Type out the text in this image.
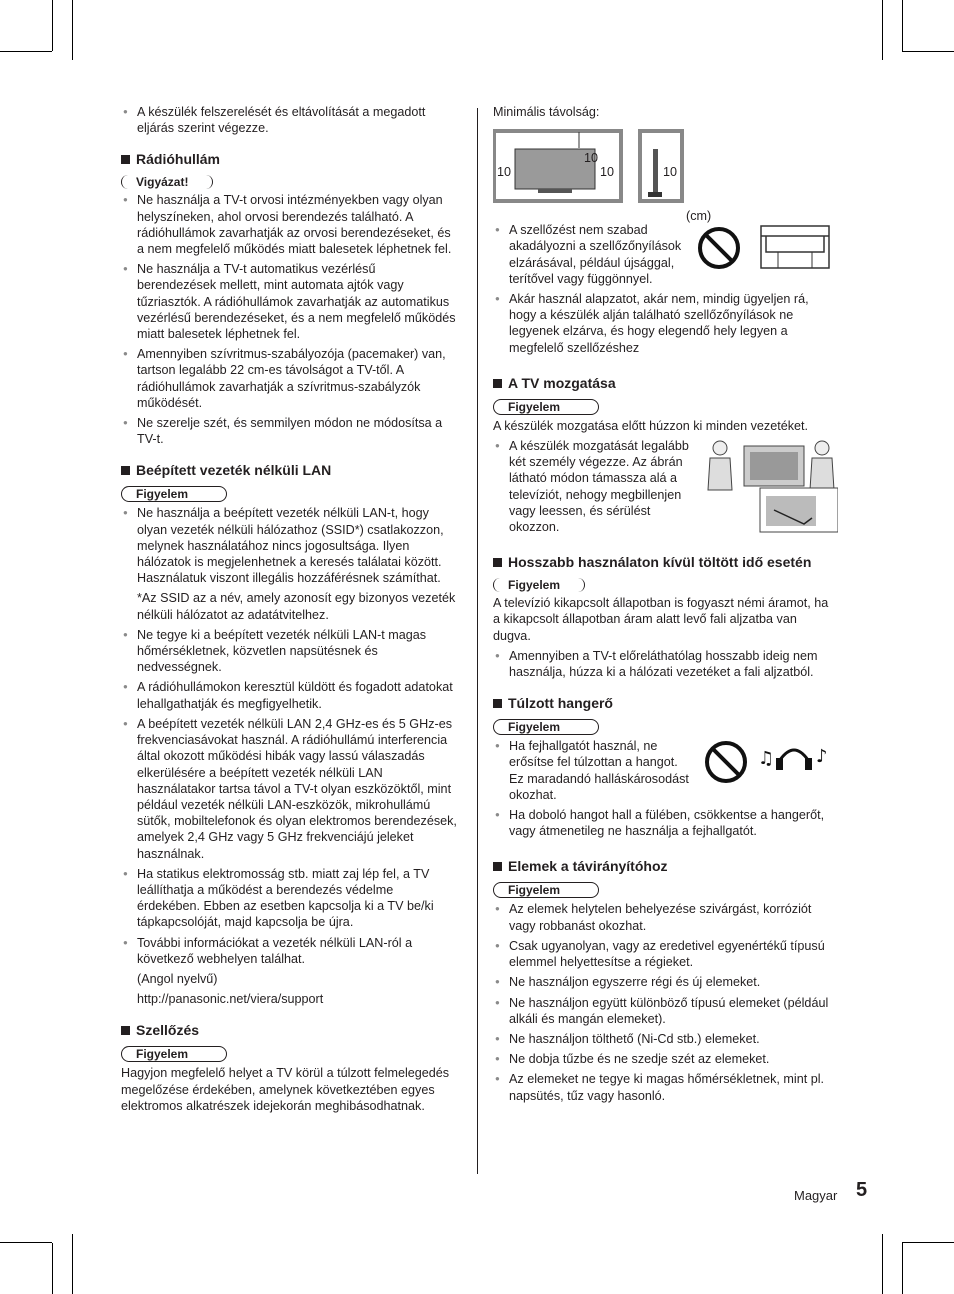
● A készülék felszerelését és eltávolítását a megadott eljárás szerint végezze.
Rádióhullám
Vigyázat!
● Ne használja a TV-t orvosi intézményekben vagy olyan helyszíneken, ahol orvosi berendezés található. A rádióhullámok zavarhatják az orvosi berendezéseket, és a nem megfelelő működés miatt balesetek léphetnek fel.
● Ne használja a TV-t automatikus vezérlésű berendezések mellett, mint automata ajtók vagy tűzriasztók. A rádióhullámok zavarhatják az automatikus vezérlésű berendezéseket, és a nem megfelelő működés miatt balesetek léphetnek fel.
● Amennyiben szívritmus-szabályozója (pacemaker) van, tartson legalább 22 cm-es távolságot a TV-től. A rádióhullámok zavarhatják a szívritmus-szabályzók működését.
● Ne szerelje szét, és semmilyen módon ne módosítsa a TV-t.
Beépített vezeték nélküli LAN
Figyelem
● Ne használja a beépített vezeték nélküli LAN-t, hogy olyan vezeték nélküli hálózathoz (SSID*) csatlakozzon, melynek használatához nincs jogosultsága. Ilyen hálózatok is megjelenhetnek a keresés találatai között. Használatuk viszont illegális hozzáférésnek számíthat.

*Az SSID az a név, amely azonosít egy bizonyos vezeték nélküli hálózatot az adatátvitelhez.

● Ne tegye ki a beépített vezeték nélküli LAN-t magas hőmérsékletnek, közvetlen napsütésnek és nedvességnek.
● A rádióhullámokon keresztül küldött és fogadott adatokat lehallgathatják és megfigyelhetik.
● A beépített vezeték nélküli LAN 2,4 GHz-es és 5 GHz-es frekvenciasávokat használ. A rádióhullámú interferencia által okozott működési hibák vagy lassú válaszadás elkerülésére a beépített vezeték nélküli LAN használatakor tartsa távol a TV-t olyan eszközöktől, mint például vezeték nélküli LAN-eszközök, mikrohullámú sütők, mobiltelefonok és olyan elektromos berendezések, amelyek 2,4 GHz vagy 5 GHz frekvenciájú jeleket használnak.
● Ha statikus elektromosság stb. miatt zaj lép fel, a TV leállíthatja a működést a berendezés védelme érdekében. Ebben az esetben kapcsolja ki a TV be/ki tápkapcsolóját, majd kapcsolja be újra.
● További információkat a vezeték nélküli LAN-ról a következő webhelyen találhat.

(Angol nyelvű)

http://panasonic.net/viera/support

Szellőzés
Figyelem

Hagyjon megfelelő helyet a TV körül a túlzott felmelegedés megelőzése érdekében, amelynek következtében egyes elektromos alkatrészek idejekorán meghibásodhatnak.

Minimális távolság:

10
10	10	10
(cm)
● A szellőzést nem szabad akadályozni a szellőzőnyílások elzárásával, például újsággal, terítővel vagy függönnyel.
● Akár használ alapzatot, akár nem, mindig ügyeljen rá, hogy a készülék alján található szellőzőnyílások ne legyenek elzárva, és hogy elegendő hely legyen a megfelelő szellőzéshez
A TV mozgatása
Figyelem

A készülék mozgatása előtt húzzon ki minden vezetéket.

● A készülék mozgatását legalább két személy végezze. Az ábrán látható módon támassza alá a televíziót, nehogy megbillenjen vagy leessen, és sérülést okozzon.
Hosszabb használaton kívül töltött idő esetén
Figyelem

A televízió kikapcsolt állapotban is fogyaszt némi áramot, ha a kikapcsolt állapotban áram alatt levő fali aljzatba van dugva.

● Amennyiben a TV-t előreláthatólag hosszabb ideig nem használja, húzza ki a hálózati vezetéket a fali aljzatból.
Túlzott hangerő
Figyelem
♫ ♪
● Ha fejhallgatót használ, ne erősítse fel túlzottan a hangot. Ez maradandó halláskárosodást okozhat.
● Ha doboló hangot hall a fülében, csökkentse a hangerőt, vagy átmenetileg ne használja a fejhallgatót.
Elemek a távirányítóhoz
Figyelem
● Az elemek helytelen behelyezése szivárgást, korróziót vagy robbanást okozhat.
● Csak ugyanolyan, vagy az eredetivel egyenértékű típusú elemmel helyettesítse a régieket.
● Ne használjon egyszerre régi és új elemeket.
● Ne használjon együtt különböző típusú elemeket (például alkáli és mangán elemeket).
● Ne használjon tölthető (Ni-Cd stb.) elemeket.
● Ne dobja tűzbe és ne szedje szét az elemeket.
● Az elemeket ne tegye ki magas hőmérsékletnek, mint pl. napsütés, tűz vagy hasonló.
Magyar 5
